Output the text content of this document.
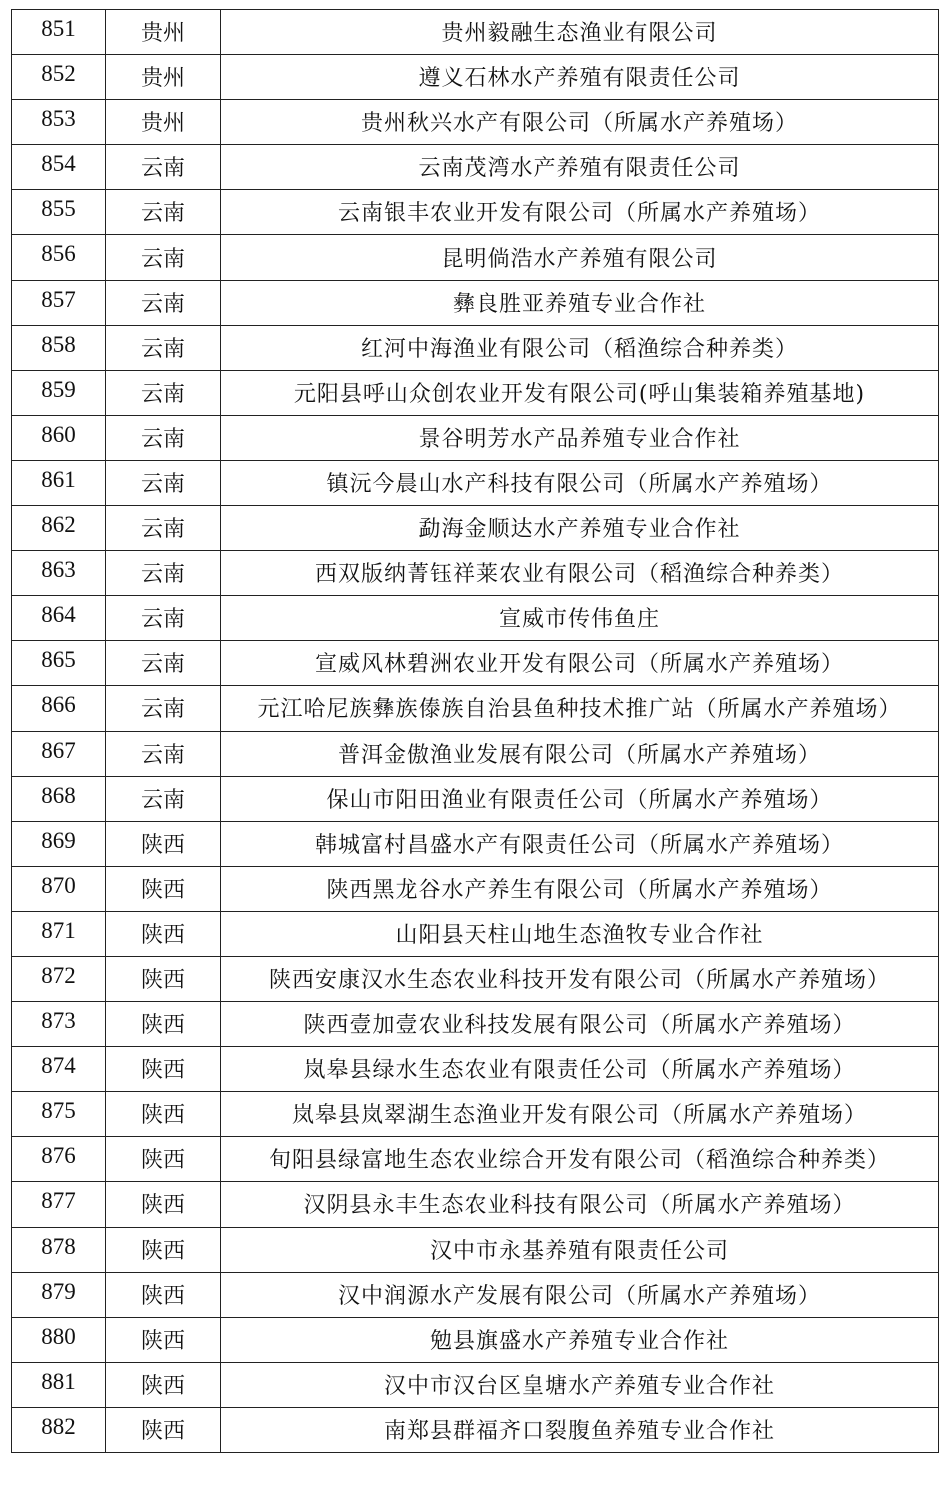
851	贵州	贵州毅融生态渔业有限公司
852	贵州	遵义石林水产养殖有限责任公司
853	贵州	贵州秋兴水产有限公司（所属水产养殖场）
854	云南	云南茂湾水产养殖有限责任公司
855	云南	云南银丰农业开发有限公司（所属水产养殖场）
856	云南	昆明倘浩水产养殖有限公司
857	云南	彝良胜亚养殖专业合作社
858	云南	红河中海渔业有限公司（稻渔综合种养类）
859	云南	元阳县呼山众创农业开发有限公司(呼山集装箱养殖基地)
860	云南	景谷明芳水产品养殖专业合作社
861	云南	镇沅今晨山水产科技有限公司（所属水产养殖场）
862	云南	勐海金顺达水产养殖专业合作社
863	云南	西双版纳菁钰祥莱农业有限公司（稻渔综合种养类）
864	云南	宣威市传伟鱼庄
865	云南	宣威风林碧洲农业开发有限公司（所属水产养殖场）
866	云南	元江哈尼族彝族傣族自治县鱼种技术推广站（所属水产养殖场）
867	云南	普洱金傲渔业发展有限公司（所属水产养殖场）
868	云南	保山市阳田渔业有限责任公司（所属水产养殖场）
869	陕西	韩城富村昌盛水产有限责任公司（所属水产养殖场）
870	陕西	陕西黑龙谷水产养生有限公司（所属水产养殖场）
871	陕西	山阳县天柱山地生态渔牧专业合作社
872	陕西	陕西安康汉水生态农业科技开发有限公司（所属水产养殖场）
873	陕西	陕西壹加壹农业科技发展有限公司（所属水产养殖场）
874	陕西	岚皋县绿水生态农业有限责任公司（所属水产养殖场）
875	陕西	岚皋县岚翠湖生态渔业开发有限公司（所属水产养殖场）
876	陕西	旬阳县绿富地生态农业综合开发有限公司（稻渔综合种养类）
877	陕西	汉阴县永丰生态农业科技有限公司（所属水产养殖场）
878	陕西	汉中市永基养殖有限责任公司
879	陕西	汉中润源水产发展有限公司（所属水产养殖场）
880	陕西	勉县旗盛水产养殖专业合作社
881	陕西	汉中市汉台区皇塘水产养殖专业合作社
882	陕西	南郑县群福齐口裂腹鱼养殖专业合作社
